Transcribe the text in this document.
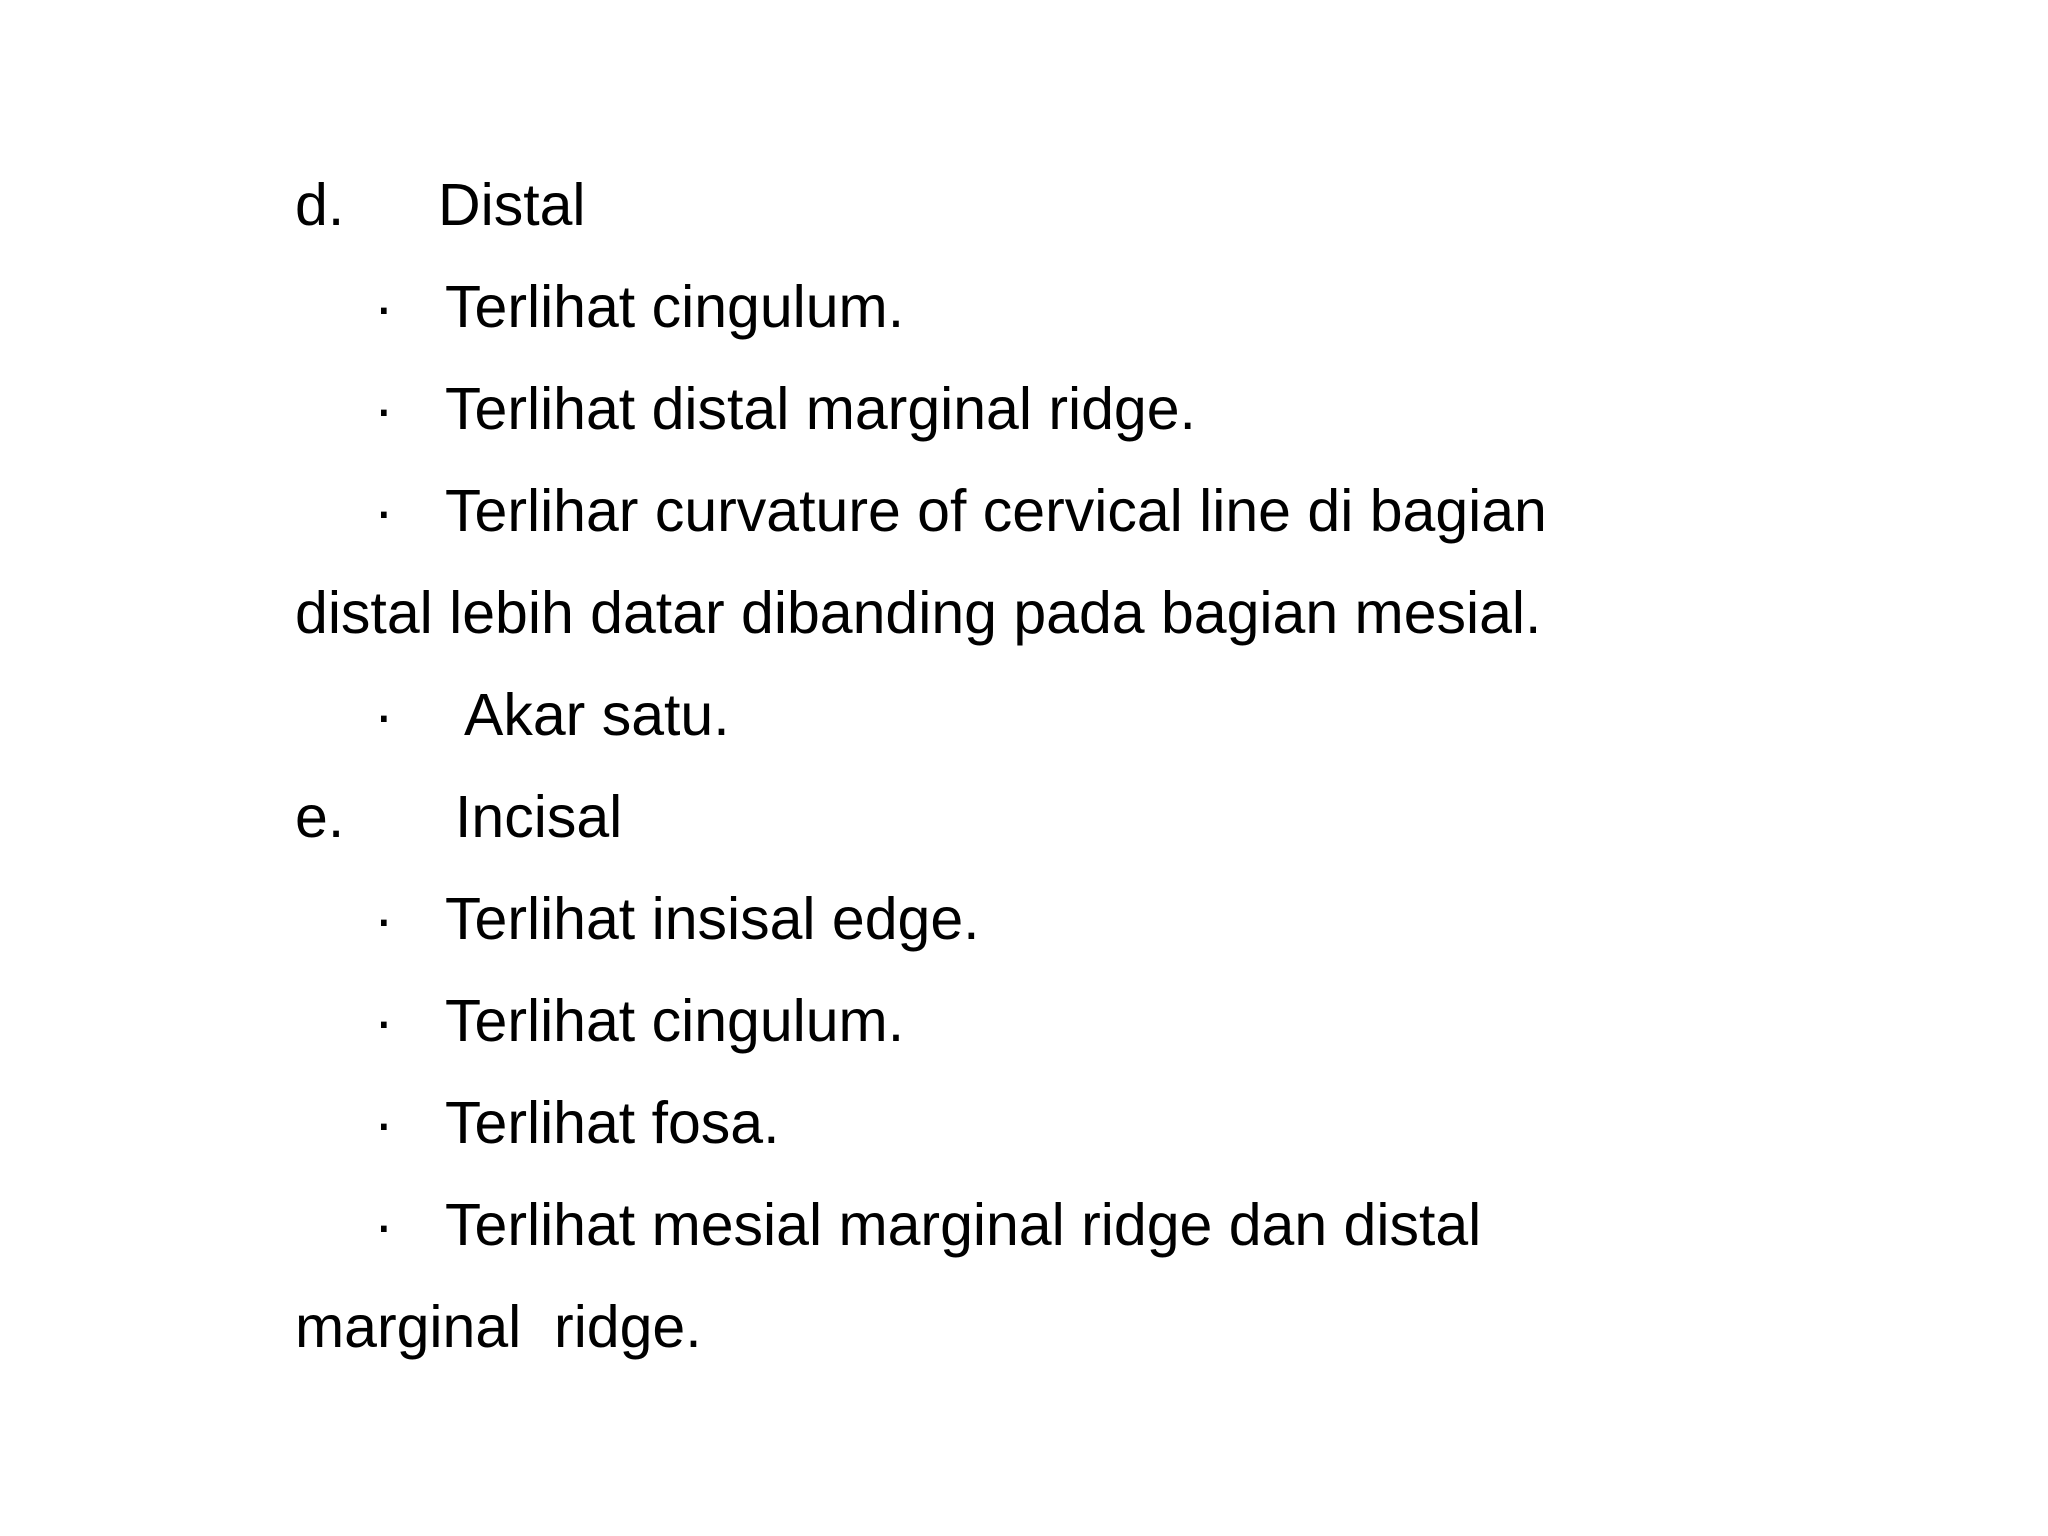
d. Distal
· Terlihat cingulum.
· Terlihat distal marginal ridge.
· Terlihar curvature of cervical line di bagian
distal lebih datar dibanding pada bagian mesial.
· Akar satu.
e. Incisal
· Terlihat insisal edge.
· Terlihat cingulum.
· Terlihat fosa.
· Terlihat mesial marginal ridge dan distal
marginal  ridge.
